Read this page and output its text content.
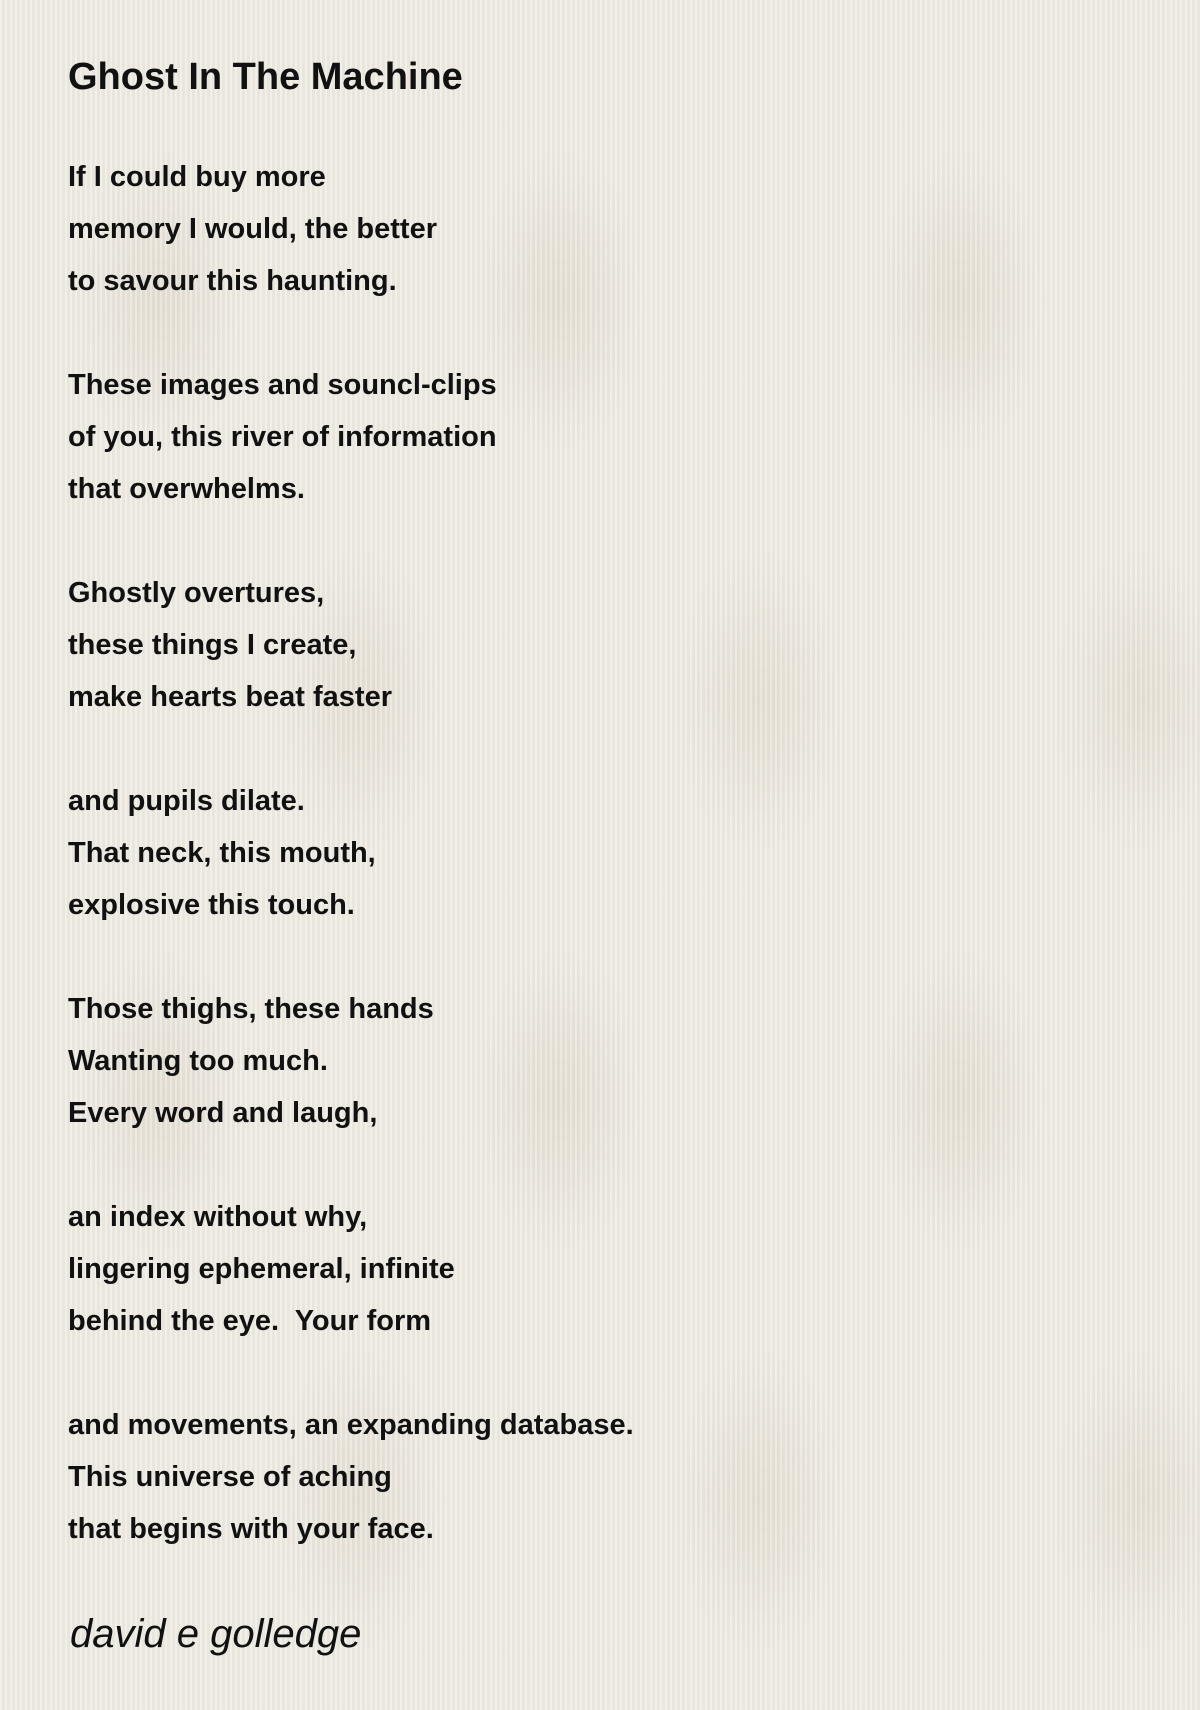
Ghost In The Machine
If I could buy more
memory I would, the better
to savour this haunting.
These images and souncl-clips
of you, this river of information
that overwhelms.
Ghostly overtures,
these things I create,
make hearts beat faster
and pupils dilate.
That neck, this mouth,
explosive this touch.
Those thighs, these hands
Wanting too much.
Every word and laugh,
an index without why,
lingering ephemeral, infinite
behind the eye.  Your form
and movements, an expanding database.
This universe of aching
that begins with your face.

david e golledge
